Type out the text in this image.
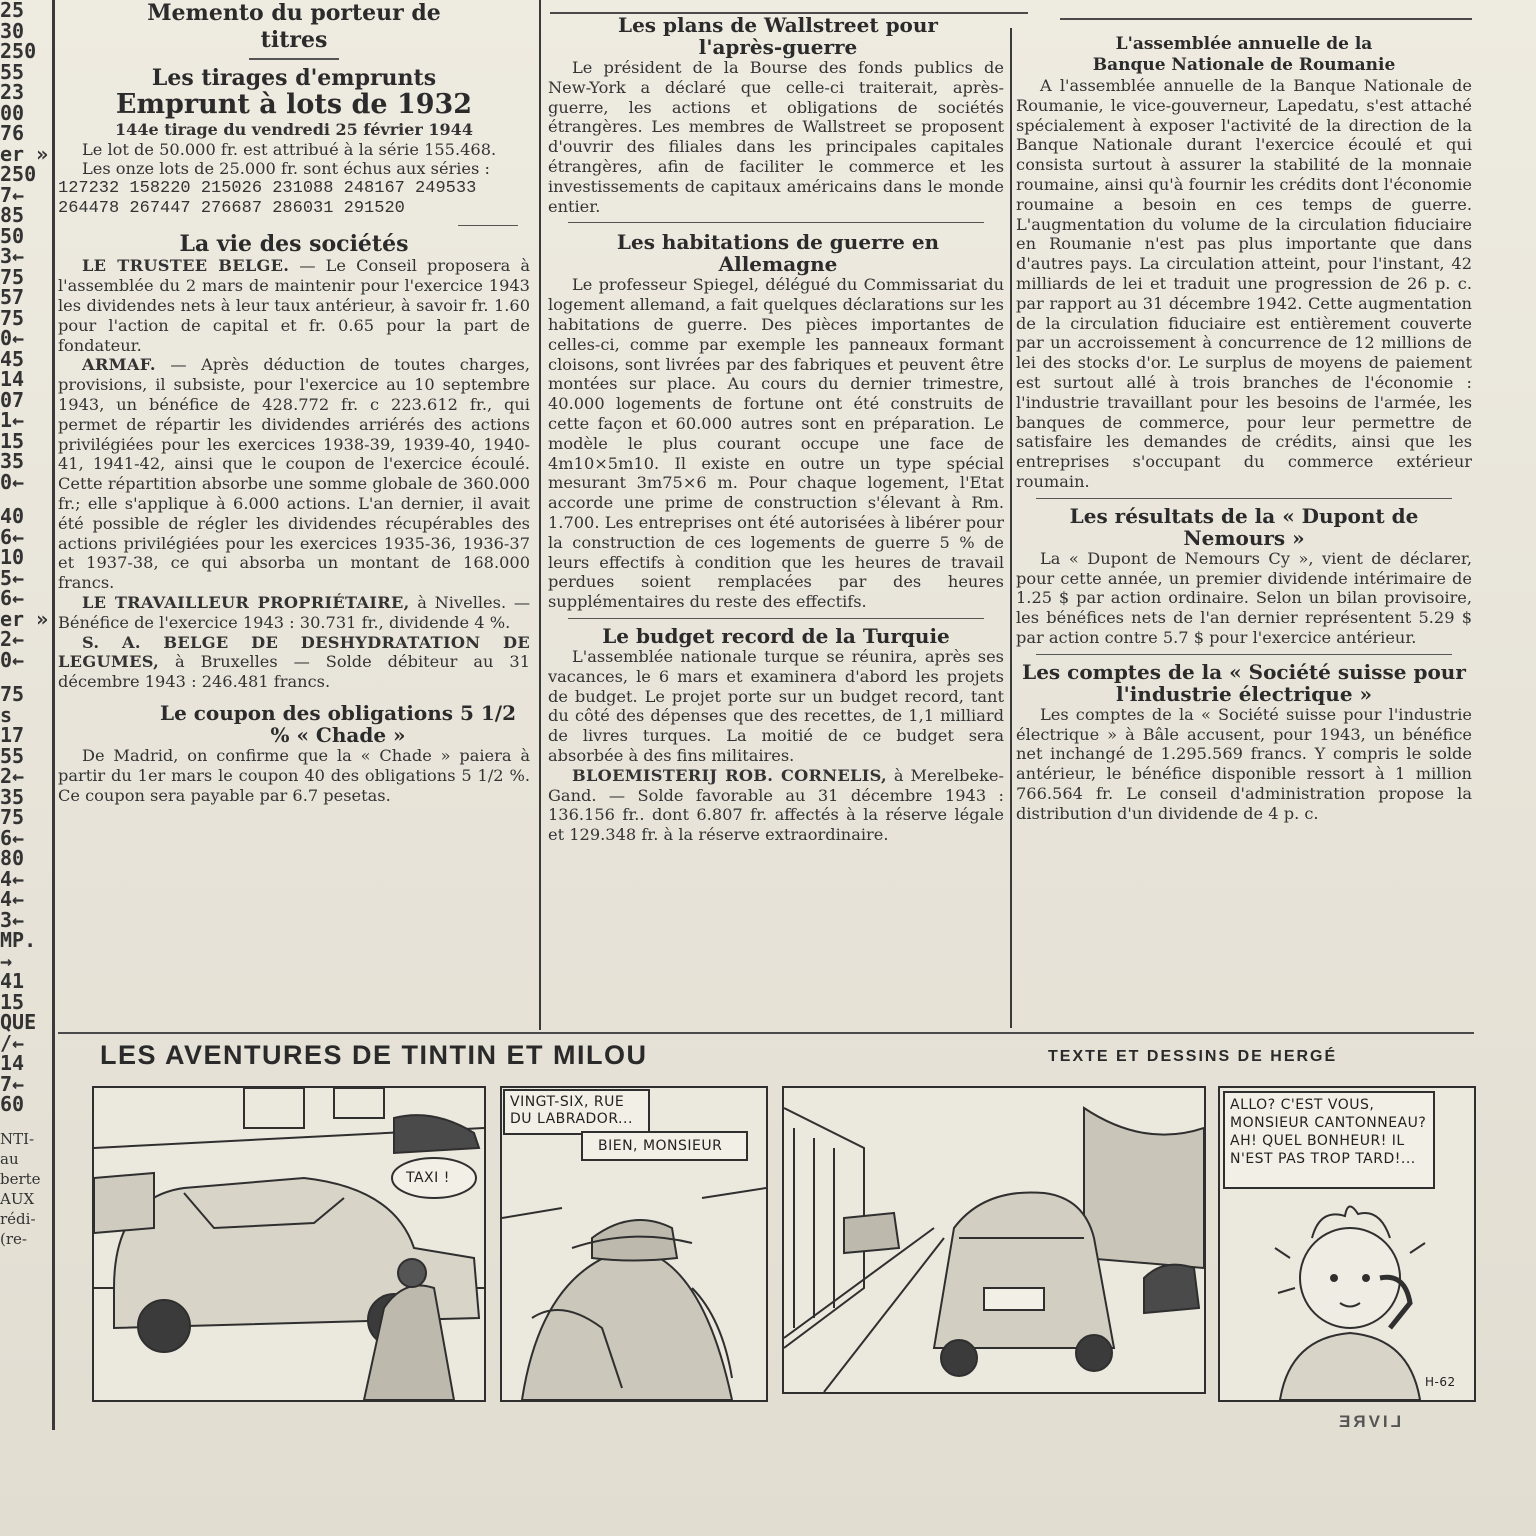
25
30
250
55
23
00
76
er »
250
7←
85
50
3←
75
57
75
0←
45
14
07
1←
15
35
0←
40
6←
10
5←
6←
er »
2←
0←
75
s
17
55
2←
35
75
6←
80
4←
4←
3←
MP.
→
41
15
QUE
/←
14
7←
60
NTI-
au
berte
AUX
rédi-
(re-
Memento du porteur de titres
Les tirages d'emprunts
Emprunt à lots de 1932

144e tirage du vendredi 25 février 1944

Le lot de 50.000 fr. est attribué à la série 155.468.

Les onze lots de 25.000 fr. sont échus aux séries :

127232 158220 215026 231088 248167 249533

264478 267447 276687 286031 291520

La vie des sociétés

LE TRUSTEE BELGE. — Le Conseil proposera à l'assemblée du 2 mars de maintenir pour l'exercice 1943 les dividendes nets à leur taux antérieur, à savoir fr. 1.60 pour l'action de capital et fr. 0.65 pour la part de fondateur.

ARMAF. — Après déduction de toutes charges, provisions, il subsiste, pour l'exercice au 10 septembre 1943, un bénéfice de 428.772 fr. c 223.612 fr., qui permet de répartir les dividendes arriérés des actions privilégiées pour les exercices 1938-39, 1939-40, 1940-41, 1941-42, ainsi que le coupon de l'exercice écoulé. Cette répartition absorbe une somme globale de 360.000 fr.; elle s'applique à 6.000 actions. L'an dernier, il avait été possible de régler les dividendes récupérables des actions privilégiées pour les exercices 1935-36, 1936-37 et 1937-38, ce qui absorba un montant de 168.000 francs.

LE TRAVAILLEUR PROPRIÉTAIRE, à Nivelles. — Bénéfice de l'exercice 1943 : 30.731 fr., dividende 4 %.

S. A. BELGE DE DESHYDRATATION DE LEGUMES, à Bruxelles — Solde débiteur au 31 décembre 1943 : 246.481 francs.

Le coupon des obligations 5 1/2 % « Chade »

De Madrid, on confirme que la « Chade » paiera à partir du 1er mars le coupon 40 des obligations 5 1/2 %. Ce coupon sera payable par 6.7 pesetas.

Les plans de Wallstreet pour l'après-guerre

Le président de la Bourse des fonds publics de New-York a déclaré que celle-ci traiterait, après-guerre, les actions et obligations de sociétés étrangères. Les membres de Wallstreet se proposent d'ouvrir des filiales dans les principales capitales étrangères, afin de faciliter le commerce et les investissements de capitaux américains dans le monde entier.

Les habitations de guerre en Allemagne

Le professeur Spiegel, délégué du Commissariat du logement allemand, a fait quelques déclarations sur les habitations de guerre. Des pièces importantes de celles-ci, comme par exemple les panneaux formant cloisons, sont livrées par des fabriques et peuvent être montées sur place. Au cours du dernier trimestre, 40.000 logements de fortune ont été construits de cette façon et 60.000 autres sont en préparation. Le modèle le plus courant occupe une face de 4m10×5m10. Il existe en outre un type spécial mesurant 3m75×6 m. Pour chaque logement, l'Etat accorde une prime de construction s'élevant à Rm. 1.700. Les entreprises ont été autorisées à libérer pour la construction de ces logements de guerre 5 % de leurs effectifs à condition que les heures de travail perdues soient remplacées par des heures supplémentaires du reste des effectifs.

Le budget record de la Turquie

L'assemblée nationale turque se réunira, après ses vacances, le 6 mars et examinera d'abord les projets de budget. Le projet porte sur un budget record, tant du côté des dépenses que des recettes, de 1,1 milliard de livres turques. La moitié de ce budget sera absorbée à des fins militaires.

BLOEMISTERIJ ROB. CORNELIS, à Merelbeke-Gand. — Solde favorable au 31 décembre 1943 : 136.156 fr.. dont 6.807 fr. affectés à la réserve légale et 129.348 fr. à la réserve extraordinaire.

L'assemblée annuelle de la Banque Nationale de Roumanie

A l'assemblée annuelle de la Banque Nationale de Roumanie, le vice-gouverneur, Lapedatu, s'est attaché spécialement à exposer l'activité de la direction de la Banque Nationale durant l'exercice écoulé et qui consista surtout à assurer la stabilité de la monnaie roumaine, ainsi qu'à fournir les crédits dont l'économie roumaine a besoin en ces temps de guerre. L'augmentation du volume de la circulation fiduciaire en Roumanie n'est pas plus importante que dans d'autres pays. La circulation atteint, pour l'instant, 42 milliards de lei et traduit une progression de 26 p. c. par rapport au 31 décembre 1942. Cette augmentation de la circulation fiduciaire est entièrement couverte par un accroissement à concurrence de 12 millions de lei des stocks d'or. Le surplus de moyens de paiement est surtout allé à trois branches de l'économie : l'industrie travaillant pour les besoins de l'armée, les banques de commerce, pour leur permettre de satisfaire les demandes de crédits, ainsi que les entreprises s'occupant du commerce extérieur roumain.

Les résultats de la « Dupont de Nemours »

La « Dupont de Nemours Cy », vient de déclarer, pour cette année, un premier dividende intérimaire de 1.25 $ par action ordinaire. Selon un bilan provisoire, les bénéfices nets de l'an dernier représentent 5.29 $ par action contre 5.7 $ pour l'exercice antérieur.

Les comptes de la « Société suisse pour l'industrie électrique »

Les comptes de la « Société suisse pour l'industrie électrique » à Bâle accusent, pour 1943, un bénéfice net inchangé de 1.295.569 francs. Y compris le solde antérieur, le bénéfice disponible ressort à 1 million 766.564 fr. Le conseil d'administration propose la distribution d'un dividende de 4 p. c.

LES AVENTURES DE TINTIN ET MILOU	TEXTE ET DESSINS DE HERGÉ
TAXI !
VINGT-SIX, RUE DU LABRADOR...
BIEN, MONSIEUR
ALLO? C'EST VOUS, MONSIEUR CANTONNEAU? AH! QUEL BONHEUR! IL N'EST PAS TROP TARD!...
H-62
LIVRE
